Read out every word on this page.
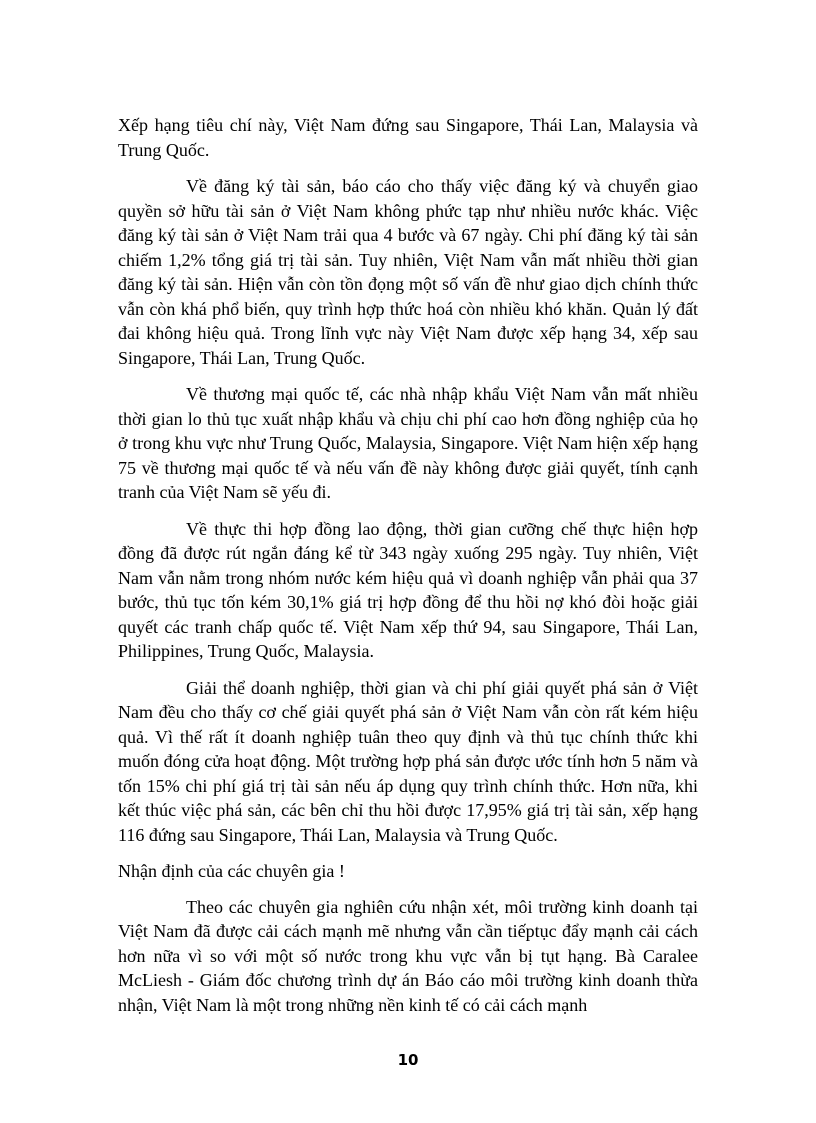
Xếp hạng tiêu chí này, Việt Nam đứng sau Singapore, Thái Lan, Malaysia và Trung Quốc.

Về đăng ký tài sản, báo cáo cho thấy việc đăng ký và chuyển giao quyền sở hữu tài sản ở Việt Nam không phức tạp như nhiều nước khác. Việc đăng ký tài sản ở Việt Nam trải qua 4 bước và 67 ngày. Chi phí đăng ký tài sản chiếm 1,2% tổng giá trị tài sản. Tuy nhiên, Việt Nam vẫn mất nhiều thời gian đăng ký tài sản. Hiện vẫn còn tồn đọng một số vấn đề như giao dịch chính thức vẫn còn khá phổ biến, quy trình hợp thức hoá còn nhiều khó khăn. Quản lý đất đai không hiệu quả. Trong lĩnh vực này Việt Nam được xếp hạng 34, xếp sau Singapore, Thái Lan, Trung Quốc.

Về thương mại quốc tế, các nhà nhập khẩu Việt Nam vẫn mất nhiều thời gian lo thủ tục xuất nhập khẩu và chịu chi phí cao hơn đồng nghiệp của họ ở trong khu vực như Trung Quốc, Malaysia, Singapore. Việt Nam hiện xếp hạng 75 về thương mại quốc tế và nếu vấn đề này không được giải quyết, tính cạnh tranh của Việt Nam sẽ yếu đi.

Về thực thi hợp đồng lao động, thời gian cưỡng chế thực hiện hợp đồng đã được rút ngắn đáng kể từ 343 ngày xuống 295 ngày. Tuy nhiên, Việt Nam vẫn nằm trong nhóm nước kém hiệu quả vì doanh nghiệp vẫn phải qua 37 bước, thủ tục tốn kém 30,1% giá trị hợp đồng để thu hồi nợ khó đòi hoặc giải quyết các tranh chấp quốc tế. Việt Nam xếp thứ 94, sau Singapore, Thái Lan, Philippines, Trung Quốc, Malaysia.

Giải thể doanh nghiệp, thời gian và chi phí giải quyết phá sản ở Việt Nam đều cho thấy cơ chế giải quyết phá sản ở Việt Nam vẫn còn rất kém hiệu quả. Vì thế rất ít doanh nghiệp tuân theo quy định và thủ tục chính thức khi muốn đóng cửa hoạt động. Một trường hợp phá sản được ước tính hơn 5 năm và tốn 15% chi phí giá trị tài sản nếu áp dụng quy trình chính thức. Hơn nữa, khi kết thúc việc phá sản, các bên chỉ thu hồi được 17,95% giá trị tài sản, xếp hạng 116 đứng sau Singapore, Thái Lan, Malaysia và Trung Quốc.

Nhận định của các chuyên gia !

Theo các chuyên gia nghiên cứu nhận xét, môi trường kinh doanh tại Việt Nam đã được cải cách mạnh mẽ nhưng vẫn cần tiếptục đẩy mạnh cải cách hơn nữa vì so với một số nước trong khu vực vẫn bị tụt hạng. Bà Caralee McLiesh - Giám đốc chương trình dự án Báo cáo môi trường kinh doanh thừa nhận, Việt Nam là một trong những nền kinh tế có cải cách mạnh

10
